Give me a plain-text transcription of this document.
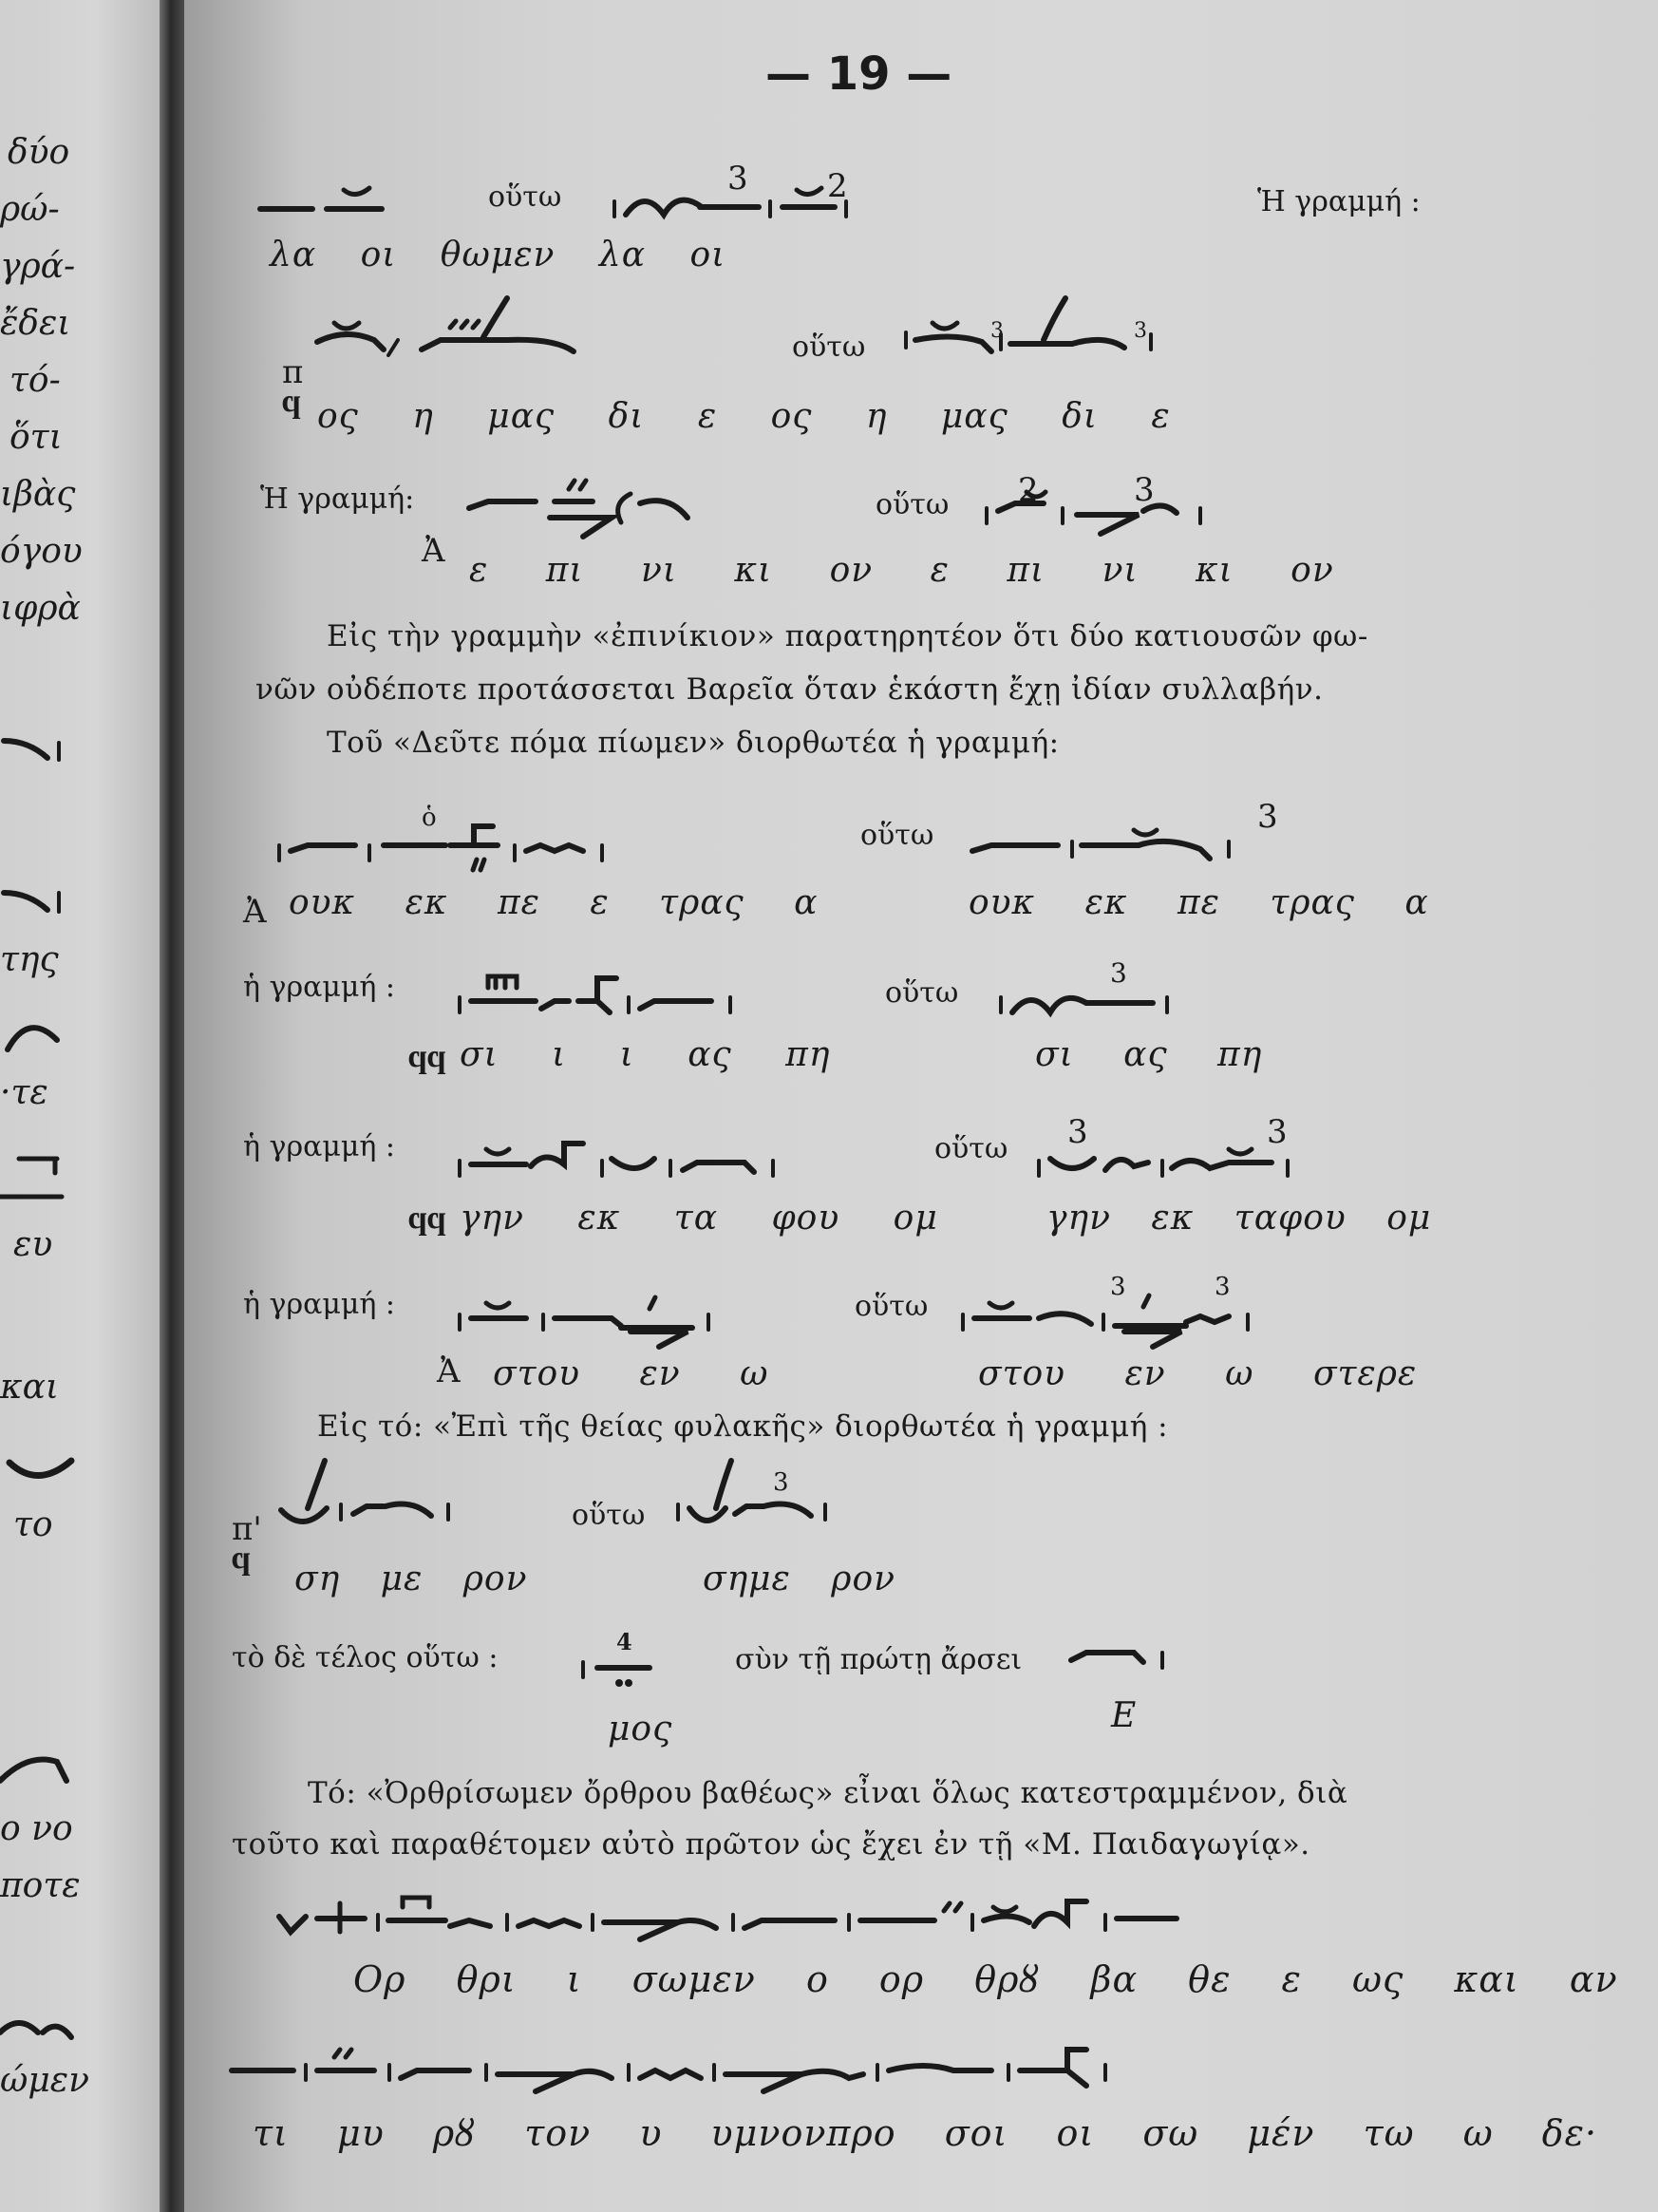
δύο
ρώ-
γρά-
ἔδει
τό-
ὅτι
ιβὰς
όγου
ιφρὰ
της
·τε
ευ
και
το
ο νο
ποτε
ώμεν
— 19 —
οὕτω	3 2	Ἡ γραμμή :
λα οι θωμεν λα οι
π
ϥ
οὕτω	3	3
ος η μας δι ε ος η μας δι ε
Ἡ γραμμή:
Ἀ
οὕτω 2	3
ε πι νι κι ον ε πι νι κι ον
Εἰς τὴν γραμμὴν «ἐπινίκιον» παρατηρητέον ὅτι δύο κατιουσῶν φω-
νῶν οὐδέποτε προτάσσεται Βαρεῖα ὅταν ἑκάστη ἔχῃ ἰδίαν συλλαβήν.
Τοῦ «Δεῦτε πόμα πίωμεν» διορθωτέα ἡ γραμμή:
Ἀ
ὁ
οὕτω	3
ουκ εκ πε ε τρας α	ουκ εκ πε τρας α
ἡ γραμμή :
ϥϥ
οὕτω
3
σι ι ι ας πη	σι ας πη
ἡ γραμμή :
ϥϥ
οὕτω 3	3
γην εκ τα φου ομ	γην εκ ταφου ομ
ἡ γραμμή :
Ἀ
οὕτω
3	3
στου εν ω	στου εν ω στερε
Εἰς τό: «Ἐπὶ τῆς θείας φυλακῆς» διορθωτέα ἡ γραμμή :
π'
ϥ
οὕτω
3
ση με ρον	σημε ρον
τὸ δὲ τέλος οὕτω :	4
σὺν τῇ πρώτῃ ἄρσει
μος	Ε
Τό: «Ὀρθρίσωμεν ὄρθρου βαθέως» εἶναι ὅλως κατεστραμμένον, διὰ
τοῦτο καὶ παραθέτομεν αὐτὸ πρῶτον ὡς ἔχει ἐν τῇ «Μ. Παιδαγωγίᾳ».
Ορ θρι ι σωμεν ο ορ θρȣ βα θε ε ως και αν
τι μυ ρȣ τον υ υμνονπρο σοι οι σω μέν τω ω δε·
